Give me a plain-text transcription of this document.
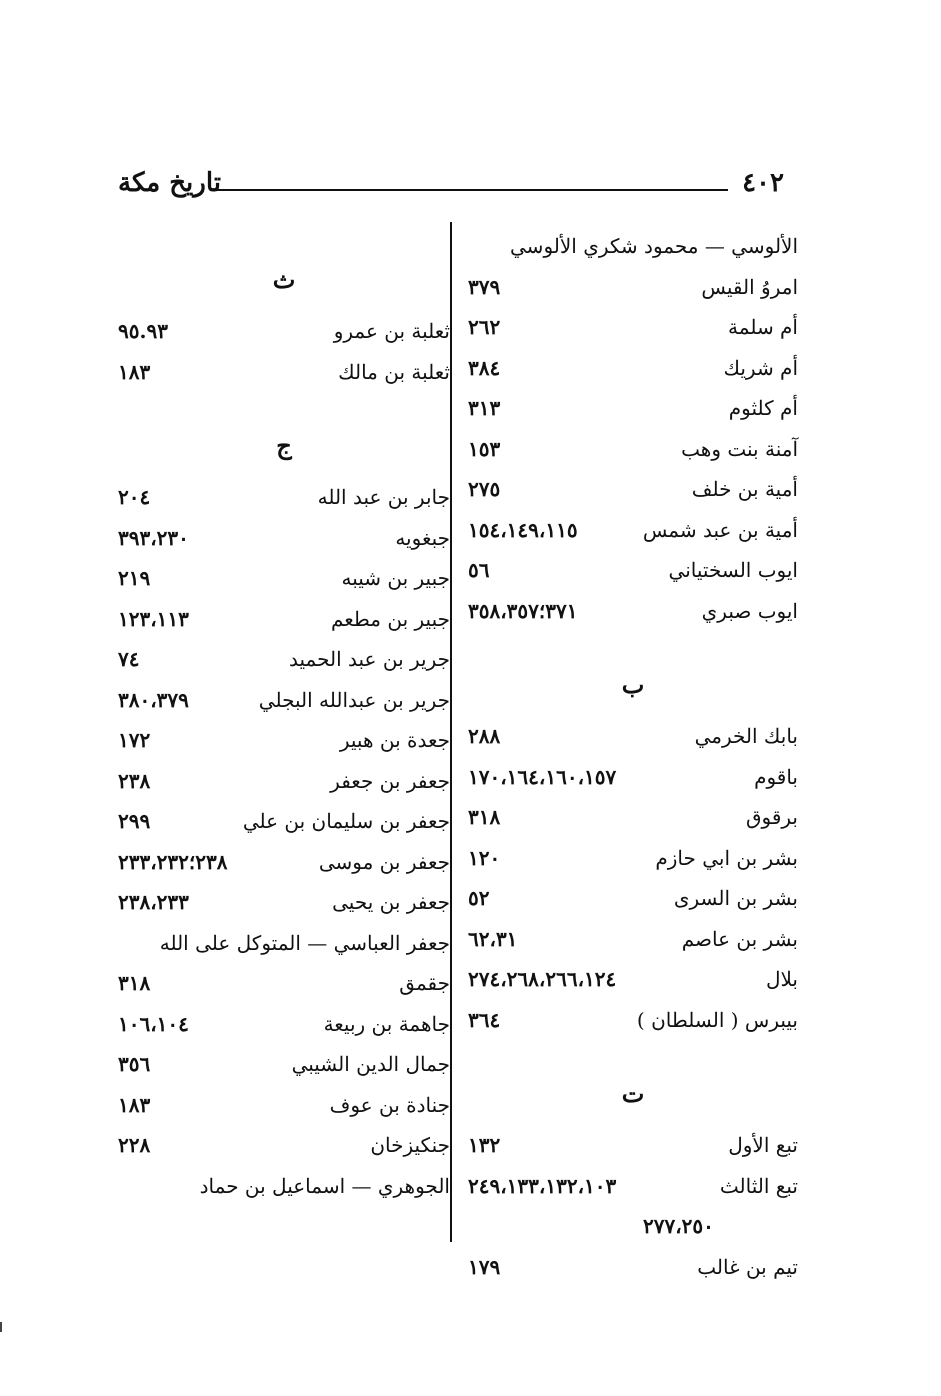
٤٠٢
تاريخ مكة
الألوسي — محمود شكري الألوسي
امروُ القيس
٣٧٩
أم سلمة
٢٦٢
أم شريك
٣٨٤
أم كلثوم
٣١٣
آمنة بنت وهب
١٥٣
أمية بن خلف
٢٧٥
أمية بن عبد شمس
١٥٤،١٤٩،١١٥
ايوب السختياني
٥٦
ايوب صبري
٣٧١؛٣٥٨،٣٥٧
ب
بابك الخرمي
٢٨٨
باقوم
١٧٠،١٦٤،١٦٠،١٥٧
برقوق
٣١٨
بشر بن ابي حازم
١٢٠
بشر بن السرى
٥٢
بشر بن عاصم
٦٢،٣١
بلال
٢٧٤،٢٦٨،٢٦٦،١٢٤
بيبرس ( السلطان )
٣٦٤
ت
تبع الأول
١٣٢
تبع الثالث
٢٤٩،١٣٣،١٣٢،١٠٣
٢٧٧،٢٥٠
تيم بن غالب
١٧٩
ث
ثعلبة بن عمرو
٩٥.٩٣
ثعلبة بن مالك
١٨٣
ج
جابر بن عبد الله
٢٠٤
جبغويه
٣٩٣،٢٣٠
جبير بن شيبه
٢١٩
جبير بن مطعم
١٢٣،١١٣
جرير بن عبد الحميد
٧٤
جرير بن عبدالله البجلي
٣٨٠،٣٧٩
جعدة بن هبير
١٧٢
جعفر بن جعفر
٢٣٨
جعفر بن سليمان بن علي
٢٩٩
جعفر بن موسى
٢٣٨؛٢٣٣،٢٣٢
جعفر بن يحيى
٢٣٨،٢٣٣
جعفر العباسي — المتوكل على الله
جقمق
٣١٨
جاهمة بن ربيعة
١٠٦،١٠٤
جمال الدين الشيبي
٣٥٦
جنادة بن عوف
١٨٣
جنكيزخان
٢٢٨
الجوهري — اسماعيل بن حماد
